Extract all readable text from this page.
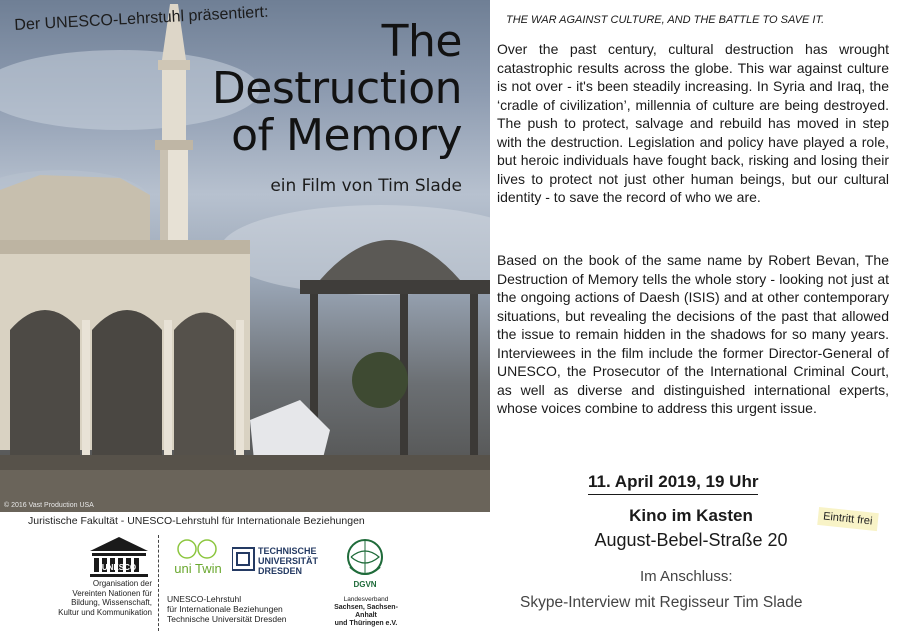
Der UNESCO-Lehrstuhl präsentiert:	The
Destruction
of Memory
ein Film von Tim Slade
© 2016 Vast Production USA
Juristische Fakultät - UNESCO-Lehrstuhl für Internationale Beziehungen
UNESCO
Organisation der
Vereinten Nationen für
Bildung, Wissenschaft,
Kultur und Kommunikation
uni Twin
TECHNISCHE
UNIVERSITÄT
DRESDEN
UNESCO-Lehrstuhl
für Internationale Beziehungen
Technische Universität Dresden
DGVN
Landesverband
Sachsen, Sachsen-Anhalt
und Thüringen e.V.
THE WAR AGAINST CULTURE, AND THE BATTLE TO SAVE IT.

Over the past century, cultural destruction has wrought catastrophic results across the globe. This war against culture is not over - it's been steadily increasing. In Syria and Iraq, the ‘cradle of civilization’, millennia of culture are being destroyed. The push to protect, salvage and rebuild has moved in step with the destruction. Legislation and policy have played a role, but heroic individuals have fought back, risking and losing their lives to protect not just other human beings, but our cultural identity - to save the record of who we are.

Based on the book of the same name by Robert Bevan, The Destruction of Memory tells the whole story - looking not just at the ongoing actions of Daesh (ISIS) and at other contemporary situations, but revealing the decisions of the past that allowed the issue to remain hidden in the shadows for so many years. Interviewees in the film include the former Director-General of UNESCO, the Prosecutor of the International Criminal Court, as well as diverse and distinguished international experts, whose voices combine to address this urgent issue.

11. April 2019, 19 Uhr
Kino im Kasten
August-Bebel-Straße 20
Eintritt frei
Im Anschluss:
Skype-Interview mit Regisseur Tim Slade
